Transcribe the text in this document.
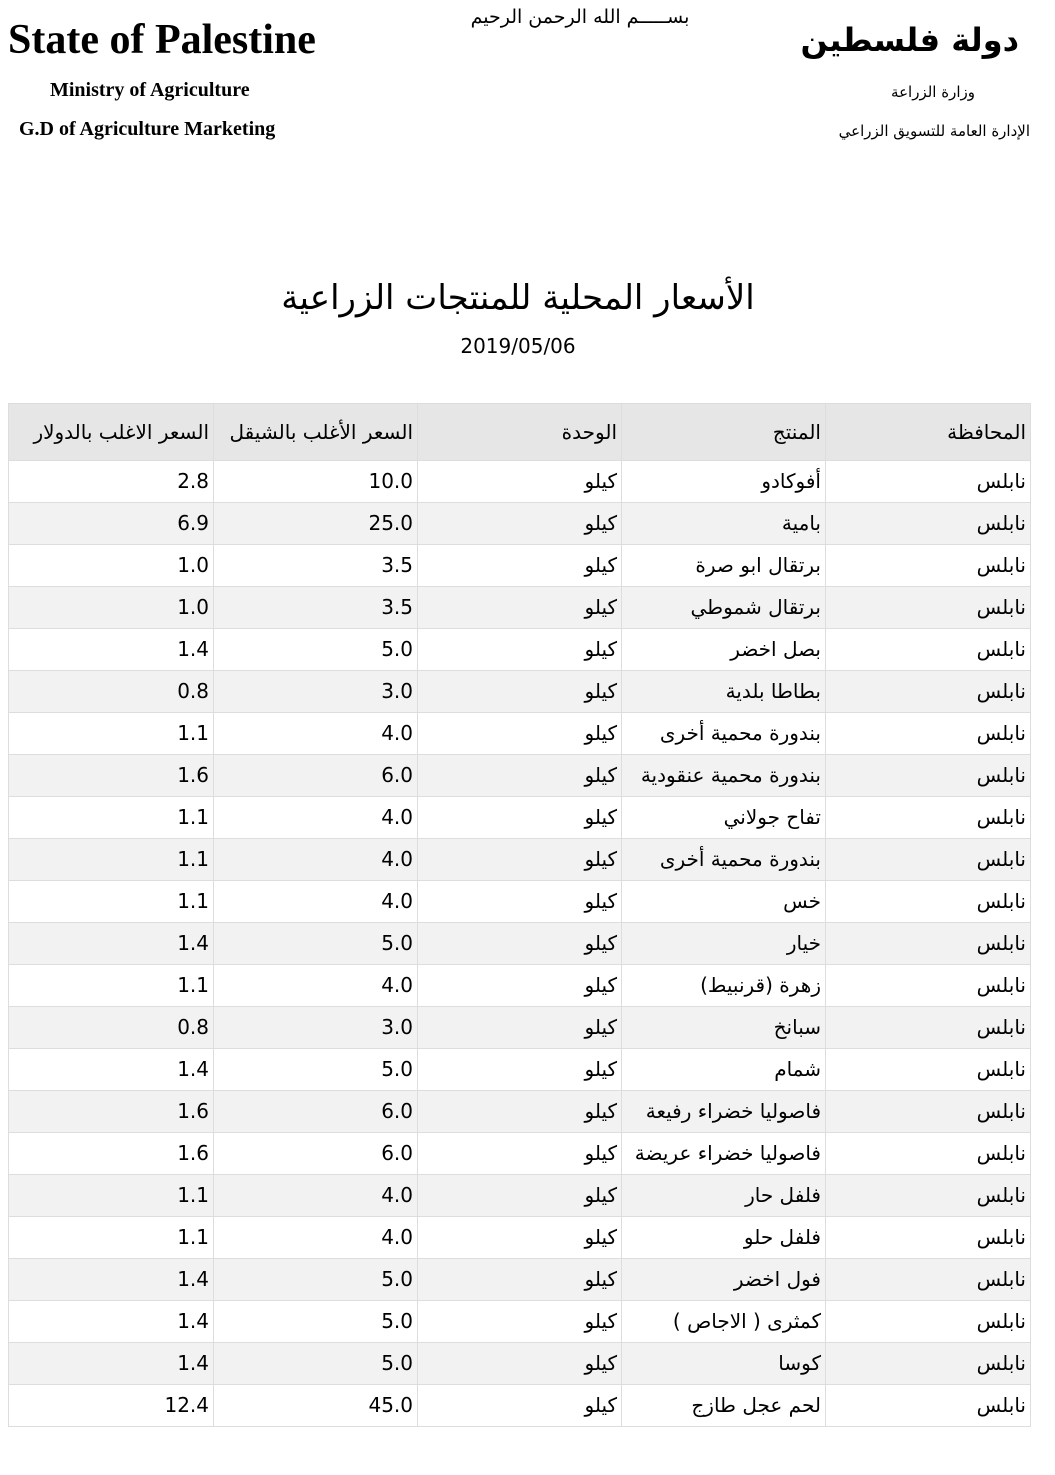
State of Palestine
Ministry of Agriculture
G.D of Agriculture Marketing
بســـــم الله الرحمن الرحيم
دولة فلسطين
وزارة الزراعة
الإدارة العامة للتسويق الزراعي
الأسعار المحلية للمنتجات الزراعية
2019/05/06
المحافظة	المنتج	الوحدة	السعر الأغلب بالشيقل	السعر الاغلب بالدولار
نابلس	أفوكادو	كيلو	10.0	2.8
نابلس	بامية	كيلو	25.0	6.9
نابلس	برتقال ابو صرة	كيلو	3.5	1.0
نابلس	برتقال شموطي	كيلو	3.5	1.0
نابلس	بصل اخضر	كيلو	5.0	1.4
نابلس	بطاطا بلدية	كيلو	3.0	0.8
نابلس	بندورة محمية أخرى	كيلو	4.0	1.1
نابلس	بندورة محمية عنقودية	كيلو	6.0	1.6
نابلس	تفاح جولاني	كيلو	4.0	1.1
نابلس	بندورة محمية أخرى	كيلو	4.0	1.1
نابلس	خس	كيلو	4.0	1.1
نابلس	خيار	كيلو	5.0	1.4
نابلس	زهرة (قرنبيط)	كيلو	4.0	1.1
نابلس	سبانخ	كيلو	3.0	0.8
نابلس	شمام	كيلو	5.0	1.4
نابلس	فاصوليا خضراء رفيعة	كيلو	6.0	1.6
نابلس	فاصوليا خضراء عريضة	كيلو	6.0	1.6
نابلس	فلفل حار	كيلو	4.0	1.1
نابلس	فلفل حلو	كيلو	4.0	1.1
نابلس	فول اخضر	كيلو	5.0	1.4
نابلس	كمثرى ( الاجاص )	كيلو	5.0	1.4
نابلس	كوسا	كيلو	5.0	1.4
نابلس	لحم عجل طازج	كيلو	45.0	12.4
